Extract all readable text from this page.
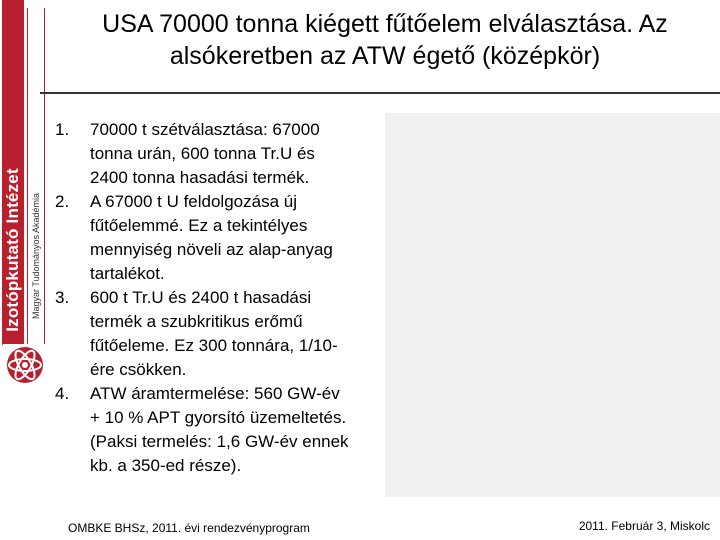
Izotópkutató Intézet Magyar Tudományos Akadémia
USA 70000 tonna kiégett fűtőelem elválasztása. Az
alsókeretben az ATW égető (középkör)
1. 70000 t szétválasztása: 67000
tonna urán, 600 tonna Tr.U és
2400 tonna hasadási termék.
2. A 67000 t U feldolgozása új
fűtőelemmé. Ez a tekintélyes
mennyiség növeli az alap-anyag
tartalékot.
3. 600 t Tr.U és 2400 t hasadási
termék a szubkritikus erőmű
fűtőeleme. Ez 300 tonnára, 1/10-
ére csökken.
4. ATW áramtermelése: 560 GW-év
+ 10 % APT gyorsító üzemeltetés.
(Paksi termelés: 1,6 GW-év ennek
kb. a 350-ed része).
OMBKE BHSz, 2011. évi rendezvényprogram	2011. Február 3, Miskolc
